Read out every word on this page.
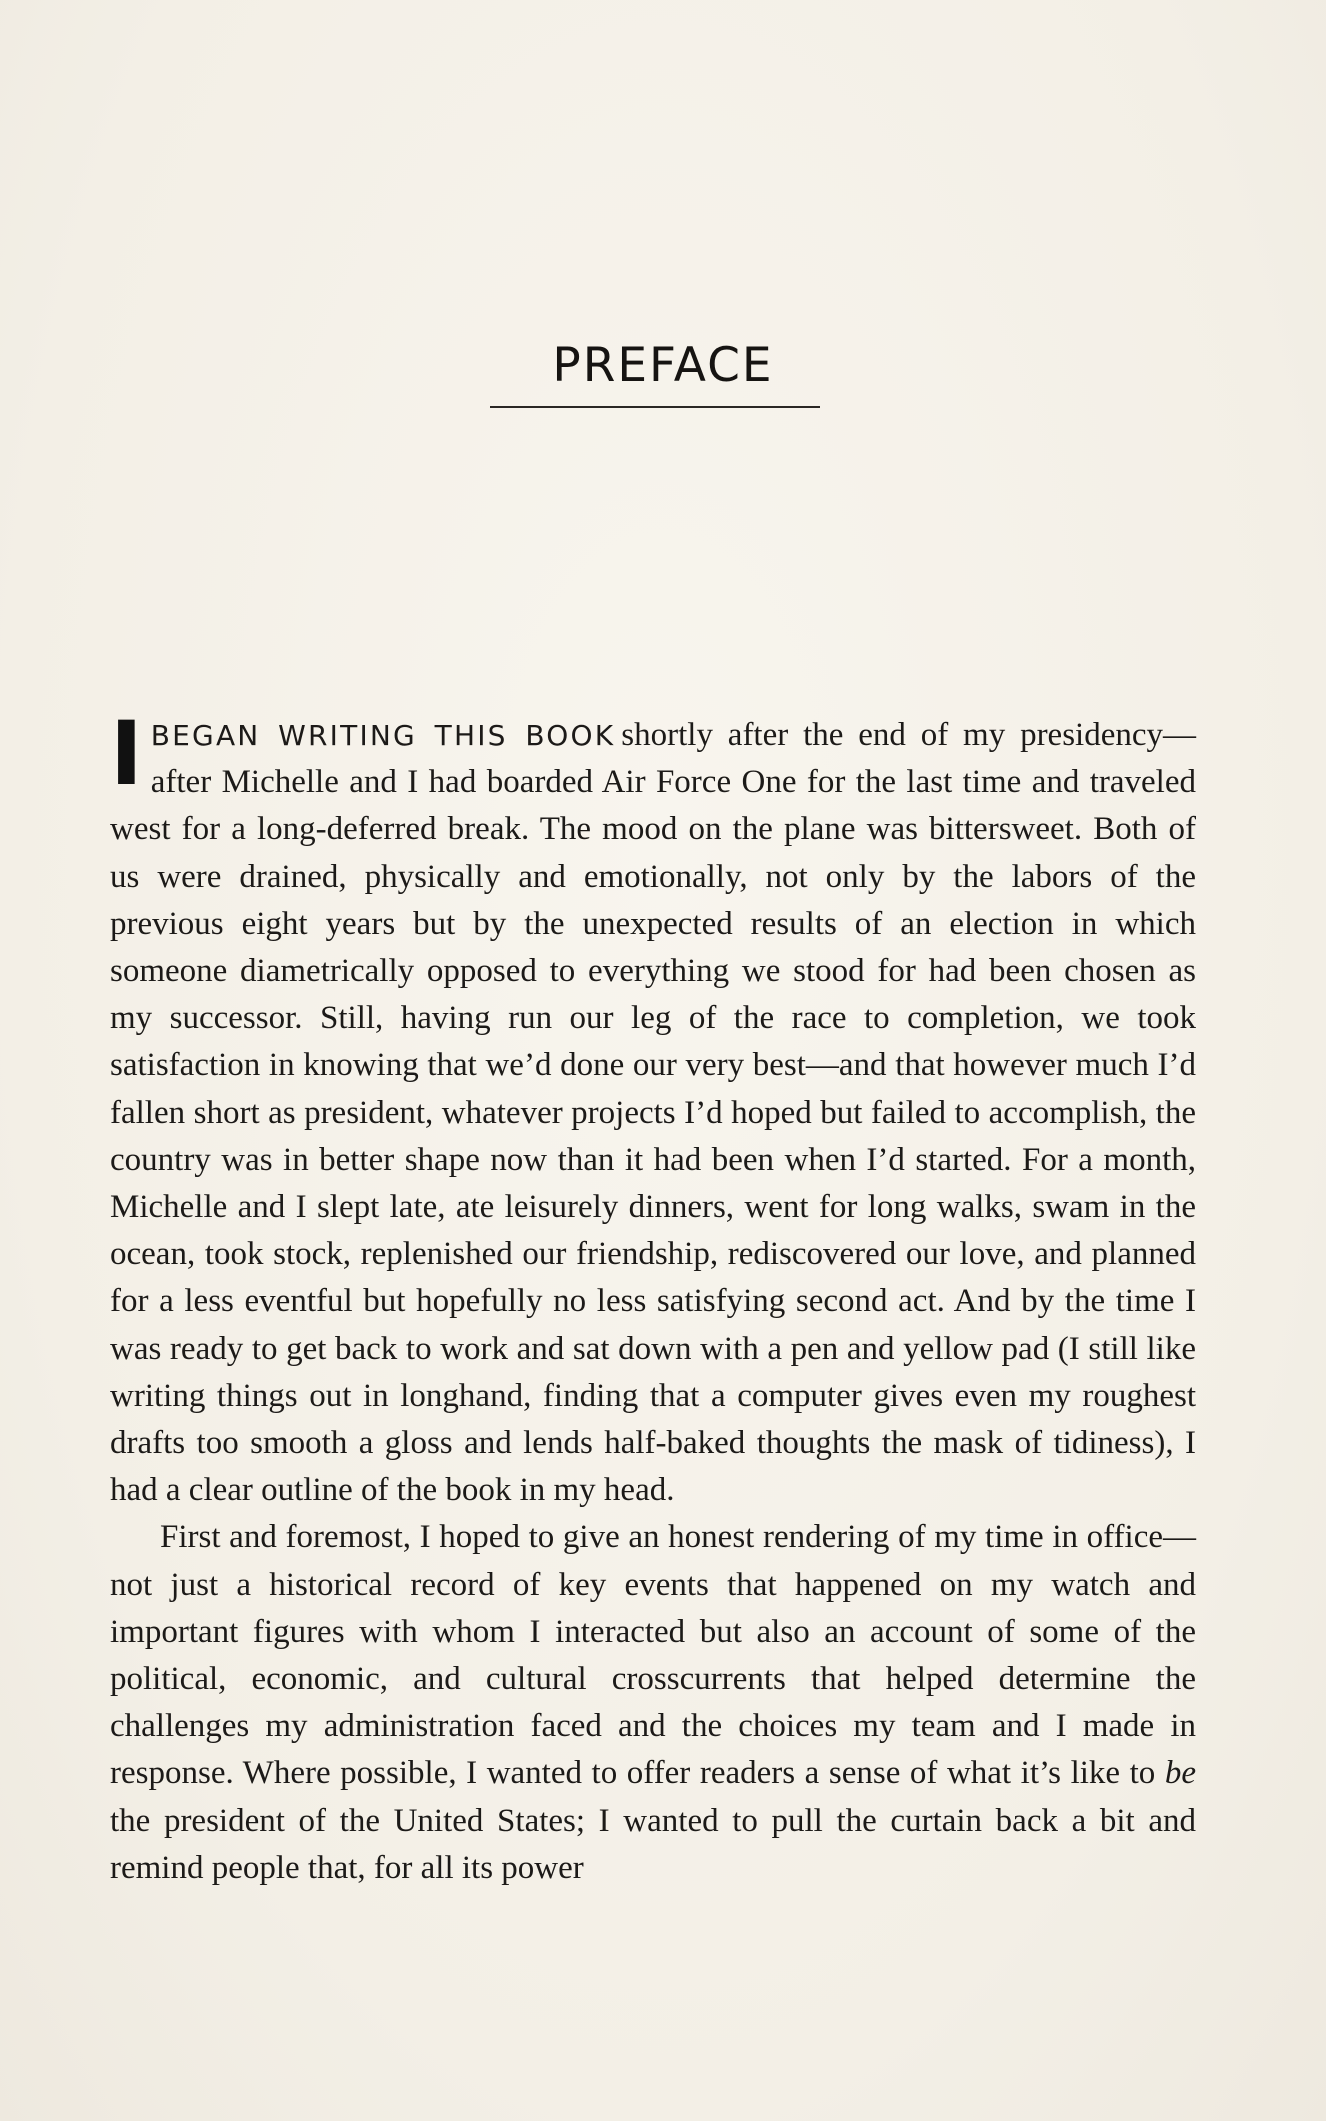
PREFACE

IBEGAN WRITING THIS BOOK shortly after the end of my presidency—after Michelle and I had boarded Air Force One for the last time and traveled west for a long-deferred break. The mood on the plane was bittersweet. Both of us were drained, physically and emotionally, not only by the labors of the previous eight years but by the unexpected results of an election in which someone diametrically opposed to everything we stood for had been chosen as my successor. Still, having run our leg of the race to completion, we took satisfaction in knowing that we’d done our very best—and that however much I’d fallen short as president, whatever projects I’d hoped but failed to accomplish, the country was in better shape now than it had been when I’d started. For a month, Michelle and I slept late, ate leisurely dinners, went for long walks, swam in the ocean, took stock, replenished our friendship, rediscovered our love, and planned for a less eventful but hopefully no less satisfying second act. And by the time I was ready to get back to work and sat down with a pen and yellow pad (I still like writing things out in longhand, finding that a computer gives even my roughest drafts too smooth a gloss and lends half-baked thoughts the mask of tidiness), I had a clear outline of the book in my head.

First and foremost, I hoped to give an honest rendering of my time in office—not just a historical record of key events that happened on my watch and important figures with whom I interacted but also an account of some of the political, economic, and cultural crosscurrents that helped determine the challenges my administration faced and the choices my team and I made in response. Where possible, I wanted to offer readers a sense of what it’s like to be the president of the United States; I wanted to pull the curtain back a bit and remind people that, for all its power
